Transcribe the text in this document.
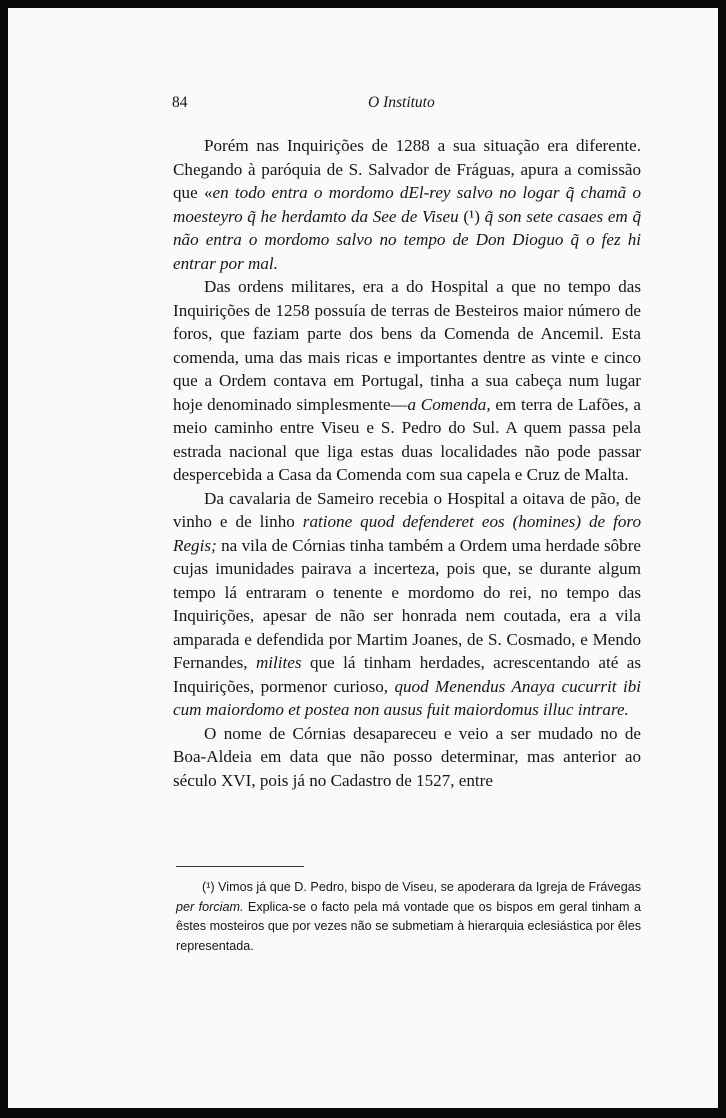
84	O Instituto

Porém nas Inquirições de 1288 a sua situação era diferente. Chegando à paróquia de S. Salvador de Fráguas, apura a comissão que «en todo entra o mordomo dEl-rey salvo no logar q̃ chamã o moesteyro q̃ he herdamto da See de Viseu (¹) q̃ son sete casaes em q̃ não entra o mordomo salvo no tempo de Don Dioguo q̃ o fez hi entrar por mal.

Das ordens militares, era a do Hospital a que no tempo das Inquirições de 1258 possuía de terras de Besteiros maior número de foros, que faziam parte dos bens da Comenda de Ancemil. Esta comenda, uma das mais ricas e importantes dentre as vinte e cinco que a Ordem contava em Portugal, tinha a sua cabeça num lugar hoje denominado simplesmente—a Comenda, em terra de Lafões, a meio caminho entre Viseu e S. Pedro do Sul. A quem passa pela estrada nacional que liga estas duas localidades não pode passar despercebida a Casa da Comenda com sua capela e Cruz de Malta.

Da cavalaria de Sameiro recebia o Hospital a oitava de pão, de vinho e de linho ratione quod defenderet eos (homines) de foro Regis; na vila de Córnias tinha também a Ordem uma herdade sôbre cujas imunidades pairava a incerteza, pois que, se durante algum tempo lá entraram o tenente e mordomo do rei, no tempo das Inquirições, apesar de não ser honrada nem coutada, era a vila amparada e defendida por Martim Joanes, de S. Cosmado, e Mendo Fernandes, milites que lá tinham herdades, acrescentando até as Inquirições, pormenor curioso, quod Menendus Anaya cucurrit ibi cum maiordomo et postea non ausus fuit maiordomus illuc intrare.

O nome de Córnias desapareceu e veio a ser mudado no de Boa-Aldeia em data que não posso determinar, mas anterior ao século XVI, pois já no Cadastro de 1527, entre

(¹) Vimos já que D. Pedro, bispo de Viseu, se apoderara da Igreja de Frávegas per forciam. Explica-se o facto pela má vontade que os bispos em geral tinham a êstes mosteiros que por vezes não se submetiam à hierarquia eclesiástica por êles representada.
